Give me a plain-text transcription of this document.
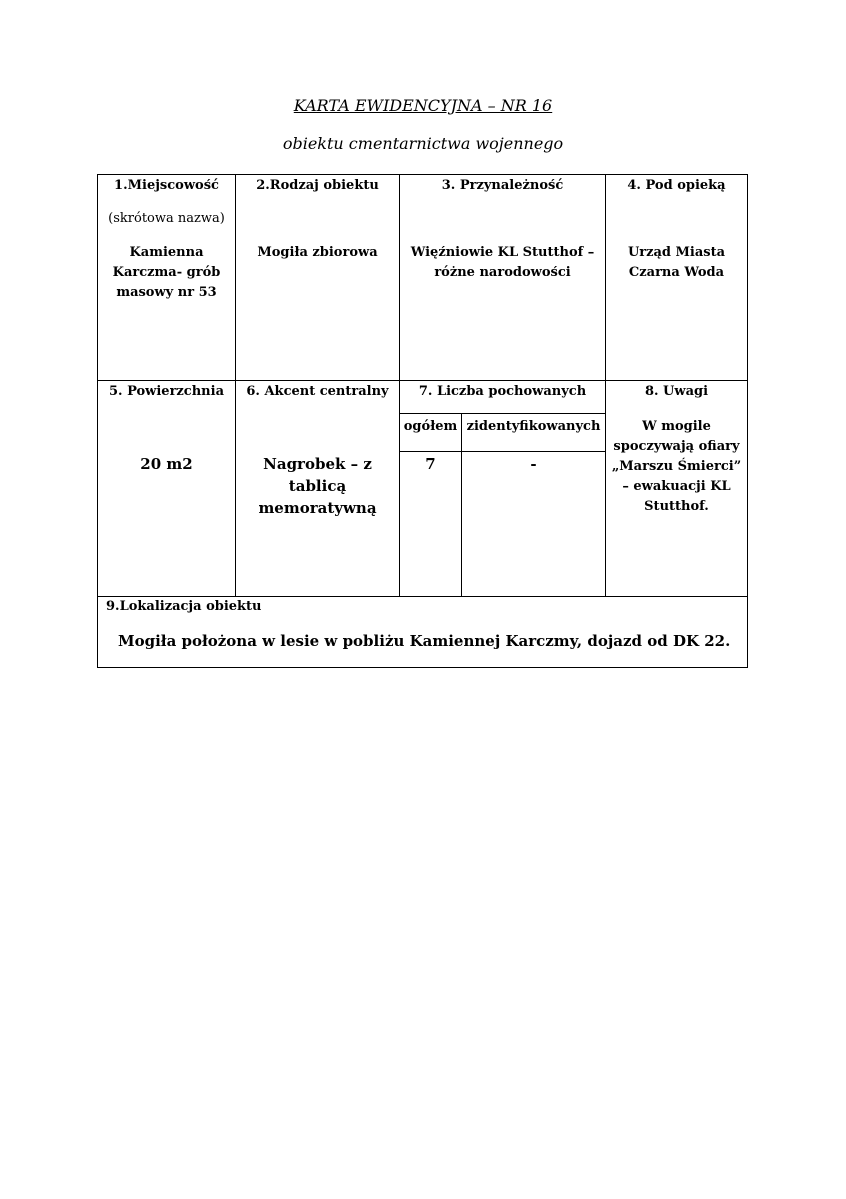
KARTA EWIDENCYJNA – NR 16
obiektu cmentarnictwa wojennego
1.Miejscowość
(skrótowa nazwa)
Kamienna
Karczma- grób
masowy nr 53
2.Rodzaj obiektu
Mogiła zbiorowa
3. Przynależność
Więźniowie KL Stutthof –
różne narodowości
4. Pod opieką
Urząd Miasta
Czarna Woda
5. Powierzchnia
20 m2
6. Akcent centralny
Nagrobek – z tablicą
memoratywną
7. Liczba pochowanych
ogółem zidentyfikowanych
7	-
8. Uwagi
W mogile
spoczywają ofiary
„Marszu Śmierci”
– ewakuacji KL
Stutthof.
9.Lokalizacja obiektu
Mogiła położona w lesie w pobliżu Kamiennej Karczmy, dojazd od DK 22.
